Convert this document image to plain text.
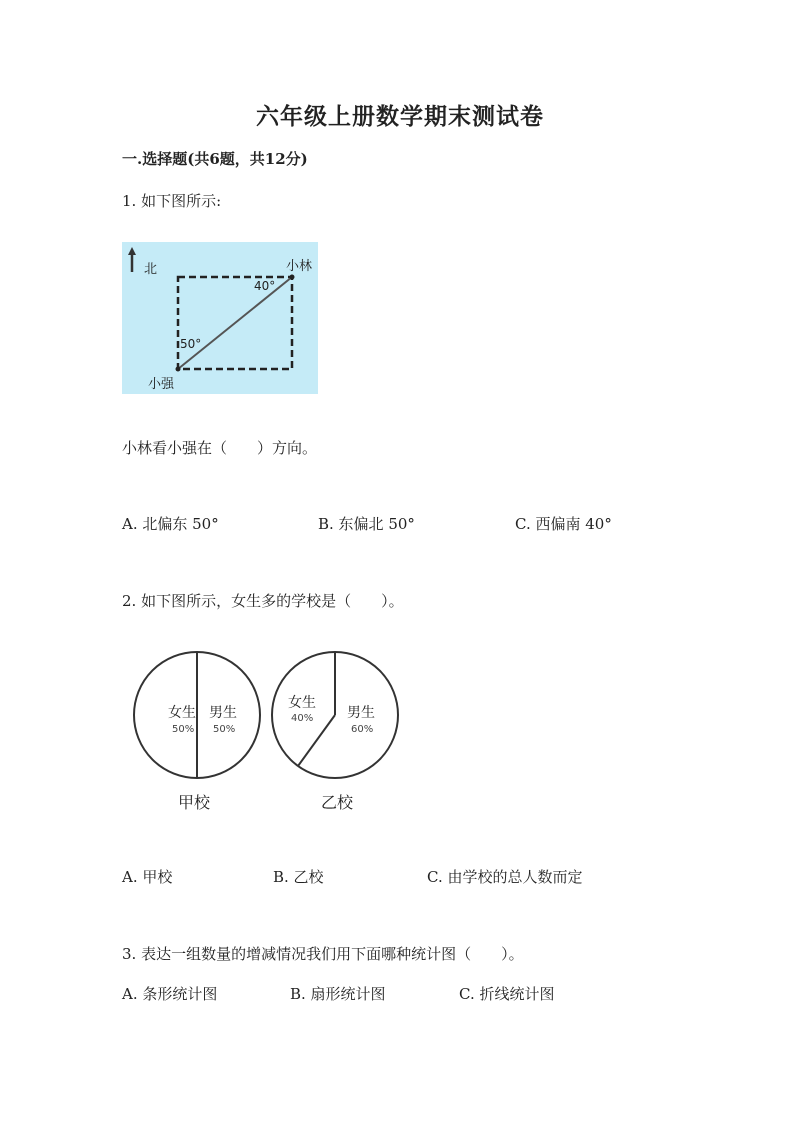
六年级上册数学期末测试卷
一.选择题(共6题，共12分)
1. 如下图所示:
北	小林
40°
50°
小强
小林看小强在（　　）方向。
A. 北偏东 50°	B. 东偏北 50°	C. 西偏南 40°
2. 如下图所示，女生多的学校是（　　）。
女生
50%
男生
50%
甲校
女生
40% 男生
60%
乙校
A. 甲校	B. 乙校	C. 由学校的总人数而定
3. 表达一组数量的增减情况我们用下面哪种统计图（　　）。
A. 条形统计图	B. 扇形统计图	C. 折线统计图
